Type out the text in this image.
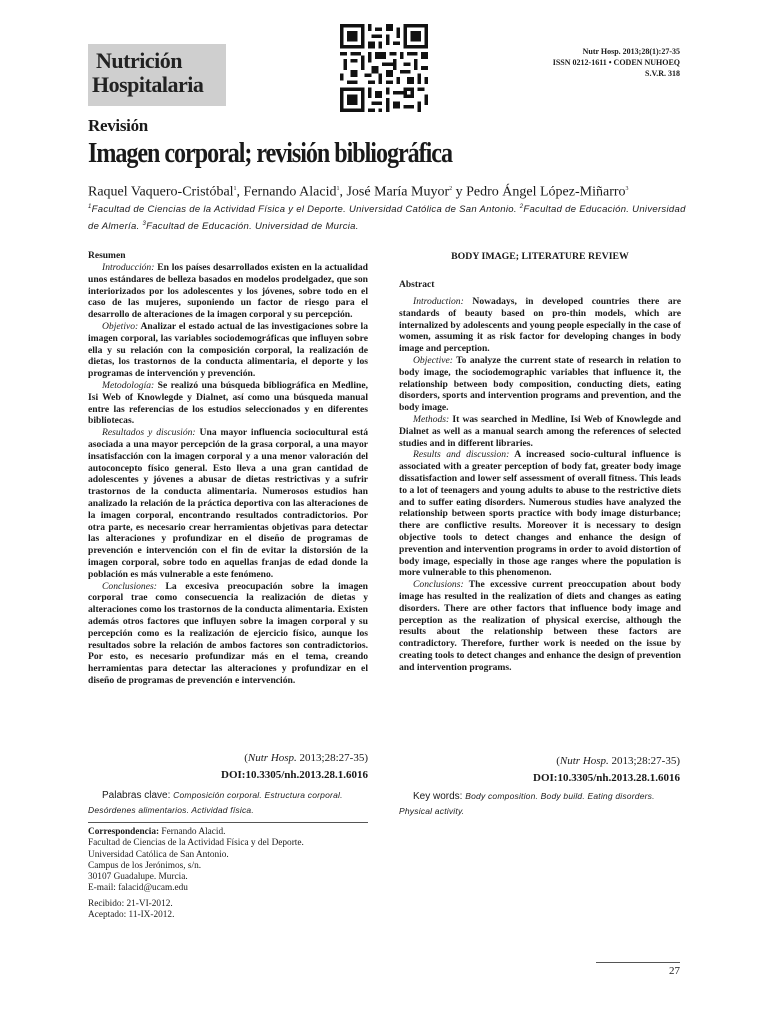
Nutrición
Hospitalaria
Nutr Hosp. 2013;28(1):27-35
ISSN 0212-1611 • CODEN NUHOEQ
S.V.R. 318
Revisión
Imagen corporal; revisión bibliográfica
Raquel Vaquero-Cristóbal$^1$, Fernando Alacid$^1$, José María Muyor$^2$ y Pedro Ángel López-Miñarro$^3$
$^1$Facultad de Ciencias de la Actividad Física y el Deporte. Universidad Católica de San Antonio. $^2$Facultad de Educación. Universidad de Almería. $^3$Facultad de Educación. Universidad de Murcia.
Resumen

Introducción: En los países desarrollados existen en la actualidad unos estándares de belleza basados en modelos prodelgadez, que son interiorizados por los adolescentes y los jóvenes, sobre todo en el caso de las mujeres, suponiendo un factor de riesgo para el desarrollo de alteraciones de la imagen corporal y su percepción.

Objetivo: Analizar el estado actual de las investigaciones sobre la imagen corporal, las variables sociodemográficas que influyen sobre ella y su relación con la composición corporal, la realización de dietas, los trastornos de la conducta alimentaria, el deporte y los programas de intervención y prevención.

Metodología: Se realizó una búsqueda bibliográfica en Medline, Isi Web of Knowlegde y Dialnet, así como una búsqueda manual entre las referencias de los estudios seleccionados y en diferentes bibliotecas.

Resultados y discusión: Una mayor influencia sociocultural está asociada a una mayor percepción de la grasa corporal, a una mayor insatisfacción con la imagen corporal y a una menor valoración del autoconcepto físico general. Esto lleva a una gran cantidad de adolescentes y jóvenes a abusar de dietas restrictivas y a sufrir trastornos de la conducta alimentaria. Numerosos estudios han analizado la relación de la práctica deportiva con las alteraciones de la imagen corporal, encontrando resultados contradictorios. Por otra parte, es necesario crear herramientas objetivas para detectar las alteraciones y profundizar en el diseño de programas de prevención e intervención con el fin de evitar la distorsión de la imagen corporal, sobre todo en aquellas franjas de edad donde la población es más vulnerable a este fenómeno.

Conclusiones: La excesiva preocupación sobre la imagen corporal trae como consecuencia la realización de dietas y alteraciones como los trastornos de la conducta alimentaria. Existen además otros factores que influyen sobre la imagen corporal y su percepción como es la realización de ejercicio físico, aunque los resultados sobre la relación de ambos factores son contradictorios. Por esto, es necesario profundizar más en el tema, creando herramientas para detectar las alteraciones y profundizar en el diseño de programas de prevención e intervención.

(Nutr Hosp. 2013;28:27-35)
DOI:10.3305/nh.2013.28.1.6016
Palabras clave: Composición corporal. Estructura corporal. Desórdenes alimentarios. Actividad física.
Correspondencia: Fernando Alacid.
Facultad de Ciencias de la Actividad Física y del Deporte.
Universidad Católica de San Antonio.
Campus de los Jerónimos, s/n.
30107 Guadalupe. Murcia.
E-mail: falacid@ucam.edu
Recibido: 21-VI-2012.
Aceptado: 11-IX-2012.
BODY IMAGE; LITERATURE REVIEW
Abstract

Introduction: Nowadays, in developed countries there are standards of beauty based on pro-thin models, which are internalized by adolescents and young people especially in the case of women, assuming it as risk factor for developing changes in body image and perception.

Objective: To analyze the current state of research in relation to body image, the sociodemographic variables that influence it, the relationship between body composition, conducting diets, eating disorders, sports and intervention programs and prevention, and the body image.

Methods: It was searched in Medline, Isi Web of Knowlegde and Dialnet as well as a manual search among the references of selected studies and in different libraries.

Results and discussion: A increased socio-cultural influence is associated with a greater perception of body fat, greater body image dissatisfaction and lower self assessment of overall fitness. This leads to a lot of teenagers and young adults to abuse to the restrictive diets and to suffer eating disorders. Numerous studies have analyzed the relationship between sports practice with body image disturbance; there are conflictive results. Moreover it is necessary to design objective tools to detect changes and enhance the design of prevention and intervention programs in order to avoid distortion of body image, especially in those age ranges where the population is more vulnerable to this phenomenon.

Conclusions: The excessive current preoccupation about body image has resulted in the realization of diets and changes as eating disorders. There are other factors that influence body image and perception as the realization of physical exercise, although the results about the relationship between these factors are contradictory. Therefore, further work is needed on the issue by creating tools to detect changes and enhance the design of prevention and intervention programs.

(Nutr Hosp. 2013;28:27-35)
DOI:10.3305/nh.2013.28.1.6016
Key words: Body composition. Body build. Eating disorders. Physical activity.
27
